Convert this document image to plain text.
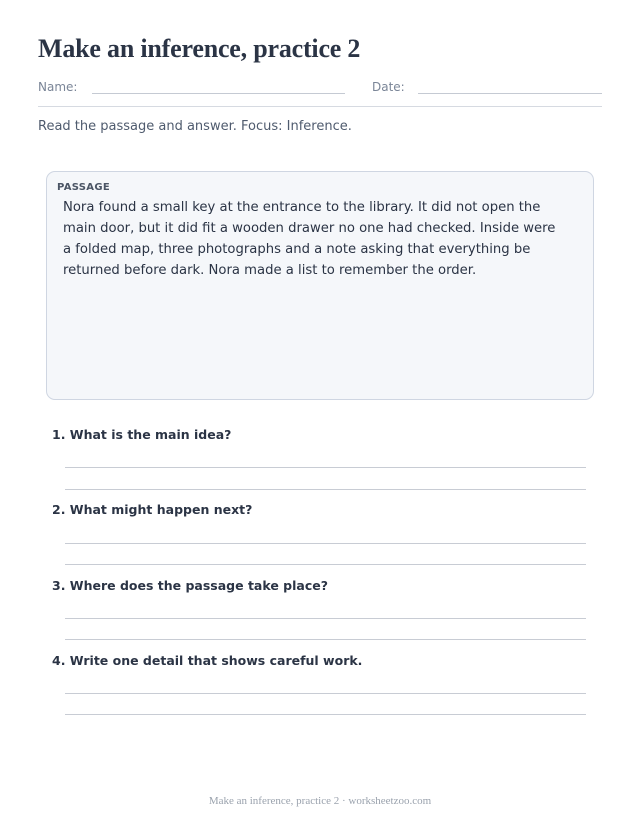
Make an inference, practice 2
Name:	Date:
Read the passage and answer. Focus: Inference.
PASSAGE
Nora found a small key at the entrance to the library. It did not open the main door, but it did fit a wooden drawer no one had checked. Inside were a folded map, three photographs and a note asking that everything be returned before dark. Nora made a list to remember the order.
1. What is the main idea?
2. What might happen next?
3. Where does the passage take place?
4. Write one detail that shows careful work.
Make an inference, practice 2 · worksheetzoo.com
